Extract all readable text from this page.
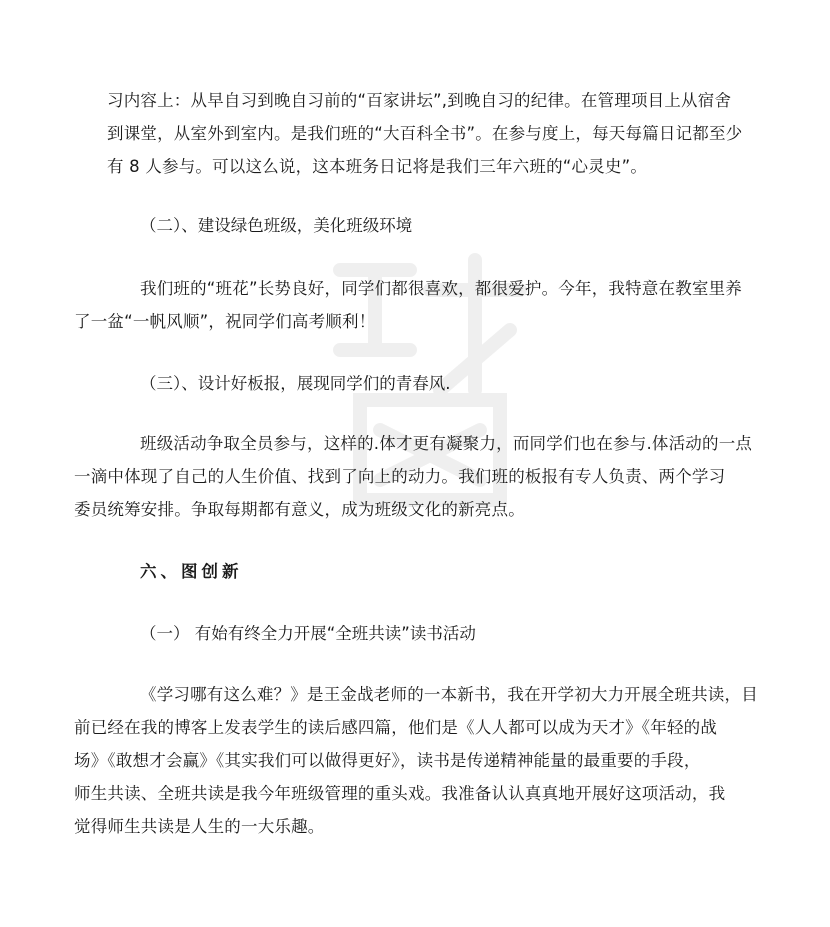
习内容上：从早自习到晚自习前的“百家讲坛”,到晚自习的纪律。在管理项目上从宿舍
到课堂，从室外到室内。是我们班的“大百科全书”。在参与度上，每天每篇日记都至少
有 8 人参与。可以这么说，这本班务日记将是我们三年六班的“心灵史”。

（二）、建设绿色班级，美化班级环境

我们班的“班花”长势良好，同学们都很喜欢，都很爱护。今年，我特意在教室里养
了一盆“一帆风顺”，祝同学们高考顺利！

（三）、设计好板报，展现同学们的青春风.

班级活动争取全员参与，这样的.体才更有凝聚力，而同学们也在参与.体活动的一点
一滴中体现了自己的人生价值、找到了向上的动力。我们班的板报有专人负责、两个学习
委员统筹安排。争取每期都有意义，成为班级文化的新亮点。

六、图创新

（一） 有始有终全力开展“全班共读”读书活动

《学习哪有这么难？》是王金战老师的一本新书，我在开学初大力开展全班共读，目
前已经在我的博客上发表学生的读后感四篇，他们是《人人都可以成为天才》《年轻的战
场》《敢想才会赢》《其实我们可以做得更好》，读书是传递精神能量的最重要的手段，
师生共读、全班共读是我今年班级管理的重头戏。我准备认认真真地开展好这项活动，我
觉得师生共读是人生的一大乐趣。
